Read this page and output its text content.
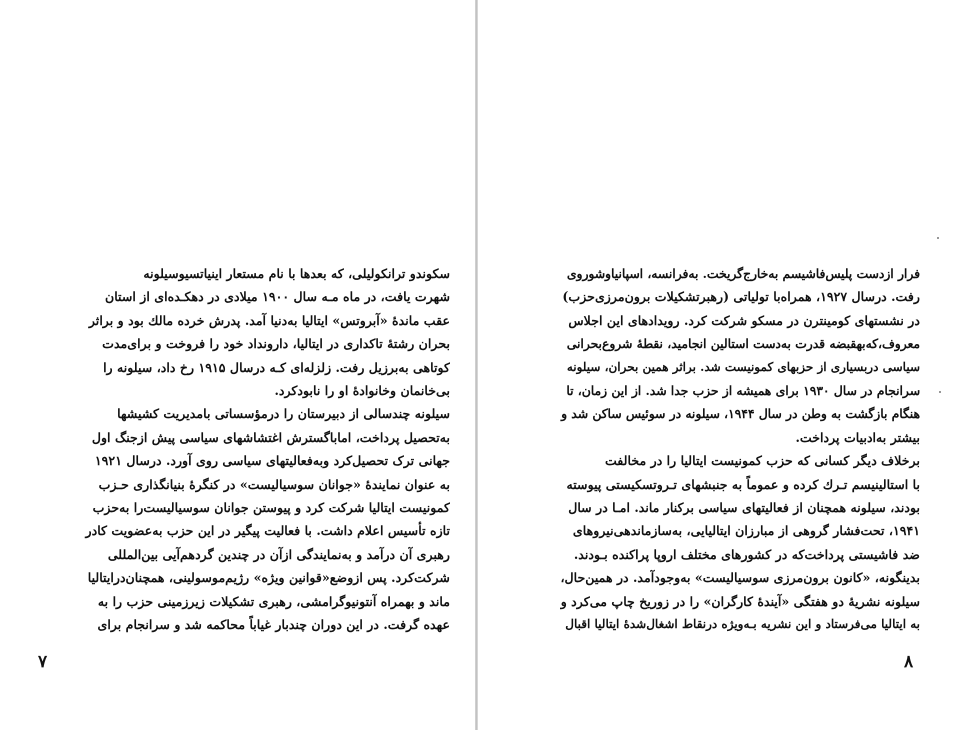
سکوندو ترانکولیلی، که بعدها با نام مستعار اینیاتسیوسیلونه
شهرت یافت، در ماه مـه سال ۱۹۰۰ میلادی در دهکـده‌ای از استان
عقب ماندهٔ «آبروتس» ایتالیا به‌دنیا آمد. پدرش خرده مالك بود و براثر
بحران رشتهٔ تاکداری در ایتالیا، دارونداد خود را فروخت و برای‌مدت
کوتاهی به‌برزیل رفت. زلزله‌ای کـه درسال ۱۹۱۵ رخ داد، سیلونه را
بی‌خانمان وخانوادهٔ او را نابودکرد.
سیلونه چندسالی از دبیرستان را درمؤسساتی بامدیریت کشیشها
به‌تحصیل پرداخت، اماباگسترش اغتشاشهای سیاسی پیش ازجنگ اول
جهانی ترک تحصیل‌کرد وبه‌فعالیتهای سیاسی روی آورد. درسال ۱۹۲۱
به عنوان نمایندهٔ «جوانان سوسیالیست» در کنگرهٔ بنیانگذاری حـزب
کمونیست ایتالیا شرکت کرد و پیوستن جوانان سوسیالیست‌را به‌حزب
تازه تأسیس اعلام داشت. با فعالیت پیگیر در این حزب به‌عضویت کادر
رهبری آن درآمد و به‌نمایندگی ازآن در چندین گردهم‌آیی بین‌المللی
شرکت‌کرد. پس ازوضع«قوانین ویژه» رژیم‌موسولینی، همچنان‌درایتالیا
ماند و بهمراه آنتونیوگرامشی، رهبری تشکیلات زیرزمینی حزب را به
عهده گرفت. در این دوران چندبار غیاباً محاکمه شد و سرانجام برای
۷
فرار ازدست پلیس‌فاشیسم به‌خارج‌گریخت. به‌فرانسه، اسپانیاوشوروی
رفت. درسال ۱۹۲۷، همراه‌با تولیاتی (رهبرتشکیلات برون‌مرزی‌حزب)
در نشستهای کومینترن در مسکو شرکت کرد. رویدادهای این اجلاس
معروف،که‌بهقبضه قدرت به‌دست استالین انجامید، نقطهٔ شروع‌بحرانی
سیاسی دربسیاری از حزبهای کمونیست شد. براثر همین بحران، سیلونه
سرانجام در سال ۱۹۳۰ برای همیشه از حزب جدا شد. از این زمان، تا
هنگام بازگشت به وطن در سال ۱۹۴۴، سیلونه در سوئیس ساکن شد و
بیشتر به‌ادبیات پرداخت.
برخلاف دیگر کسانی که حزب کمونیست ایتالیا را در مخالفت
با استالینیسم تـرك کرده و عموماً به جنبشهای تـروتسکیستی پیوسته
بودند، سیلونه همچنان از فعالیتهای سیاسی برکنار ماند. امـا در سال
۱۹۴۱، تحت‌فشار گروهی از مبارزان ایتالیایی، به‌سازماندهی‌نیروهای
ضد فاشیستی پرداخت‌که در کشورهای مختلف اروپا پراکنده بـودند.
بدینگونه، «کانون برون‌مرزی سوسیالیست» به‌وجودآمد. در همین‌حال،
سیلونه نشریهٔ دو هفتگی «آیندهٔ کارگران» را در زوریخ چاپ می‌کرد و
به ایتالیا می‌فرستاد و این نشریه بـه‌ویژه درنقاط اشغال‌شدهٔ ایتالیا اقبال
۸
